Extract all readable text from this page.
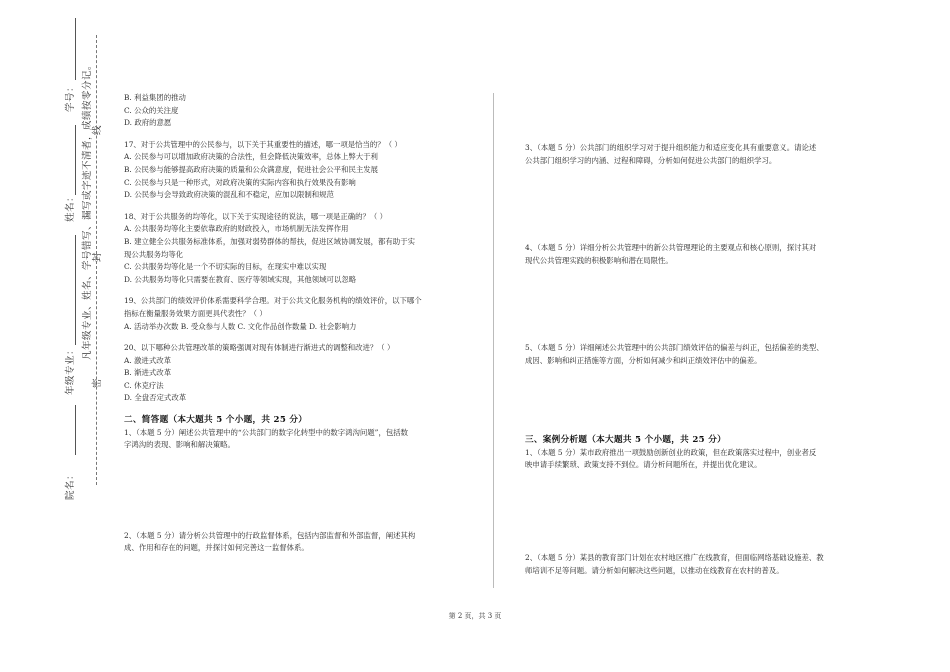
学号：
姓名：
年级专业：
院名：
凡年级专业、姓名、学号错写、漏写或字迹不清者，成绩按零分记。 线
封
密

B. 利益集团的推动

C. 公众的关注度

D. 政府的意愿

17、对于公共管理中的公民参与，以下关于其重要性的描述，哪一项是恰当的？（ ）

A. 公民参与可以增加政府决策的合法性，但会降低决策效率，总体上弊大于利

B. 公民参与能够提高政府决策的质量和公众满意度，促进社会公平和民主发展

C. 公民参与只是一种形式，对政府决策的实际内容和执行效果没有影响

D. 公民参与会导致政府决策的混乱和不稳定，应加以限制和规范

18、对于公共服务的均等化，以下关于实现途径的说法，哪一项是正确的？（ ）

A. 公共服务均等化主要依靠政府的财政投入，市场机制无法发挥作用

B. 建立健全公共服务标准体系，加强对弱势群体的帮扶，促进区域协调发展，都有助于实

现公共服务均等化

C. 公共服务均等化是一个不切实际的目标，在现实中难以实现

D. 公共服务均等化只需要在教育、医疗等领域实现，其他领域可以忽略

19、公共部门的绩效评价体系需要科学合理。对于公共文化服务机构的绩效评价，以下哪个

指标在衡量服务效果方面更具代表性？（ ）

A. 活动举办次数 B. 受众参与人数 C. 文化作品创作数量 D. 社会影响力

20、以下哪种公共管理改革的策略强调对现有体制进行渐进式的调整和改进？（ ）

A. 激进式改革

B. 渐进式改革

C. 休克疗法

D. 全盘否定式改革

二、简答题（本大题共 5 个小题，共 25 分）

1、（本题 5 分）阐述公共管理中的“公共部门的数字化转型中的数字鸿沟问题”，包括数

字鸿沟的表现、影响和解决策略。

2、（本题 5 分）请分析公共管理中的行政监督体系，包括内部监督和外部监督，阐述其构

成、作用和存在的问题，并探讨如何完善这一监督体系。

3、（本题 5 分）公共部门的组织学习对于提升组织能力和适应变化具有重要意义。请论述

公共部门组织学习的内涵、过程和障碍，分析如何促进公共部门的组织学习。

4、（本题 5 分）详细分析公共管理中的新公共管理理论的主要观点和核心原则，探讨其对

现代公共管理实践的积极影响和潜在局限性。

5、（本题 5 分）详细阐述公共管理中的公共部门绩效评估的偏差与纠正，包括偏差的类型、

成因、影响和纠正措施等方面，分析如何减少和纠正绩效评估中的偏差。

三、案例分析题（本大题共 5 个小题，共 25 分）

1、（本题 5 分）某市政府推出一项鼓励创新创业的政策，但在政策落实过程中，创业者反

映申请手续繁琐、政策支持不到位。请分析问题所在，并提出优化建议。

2、（本题 5 分）某县的教育部门计划在农村地区推广在线教育，但面临网络基础设施差、教

师培训不足等问题。请分析如何解决这些问题，以推动在线教育在农村的普及。

第 2 页，共 3 页
